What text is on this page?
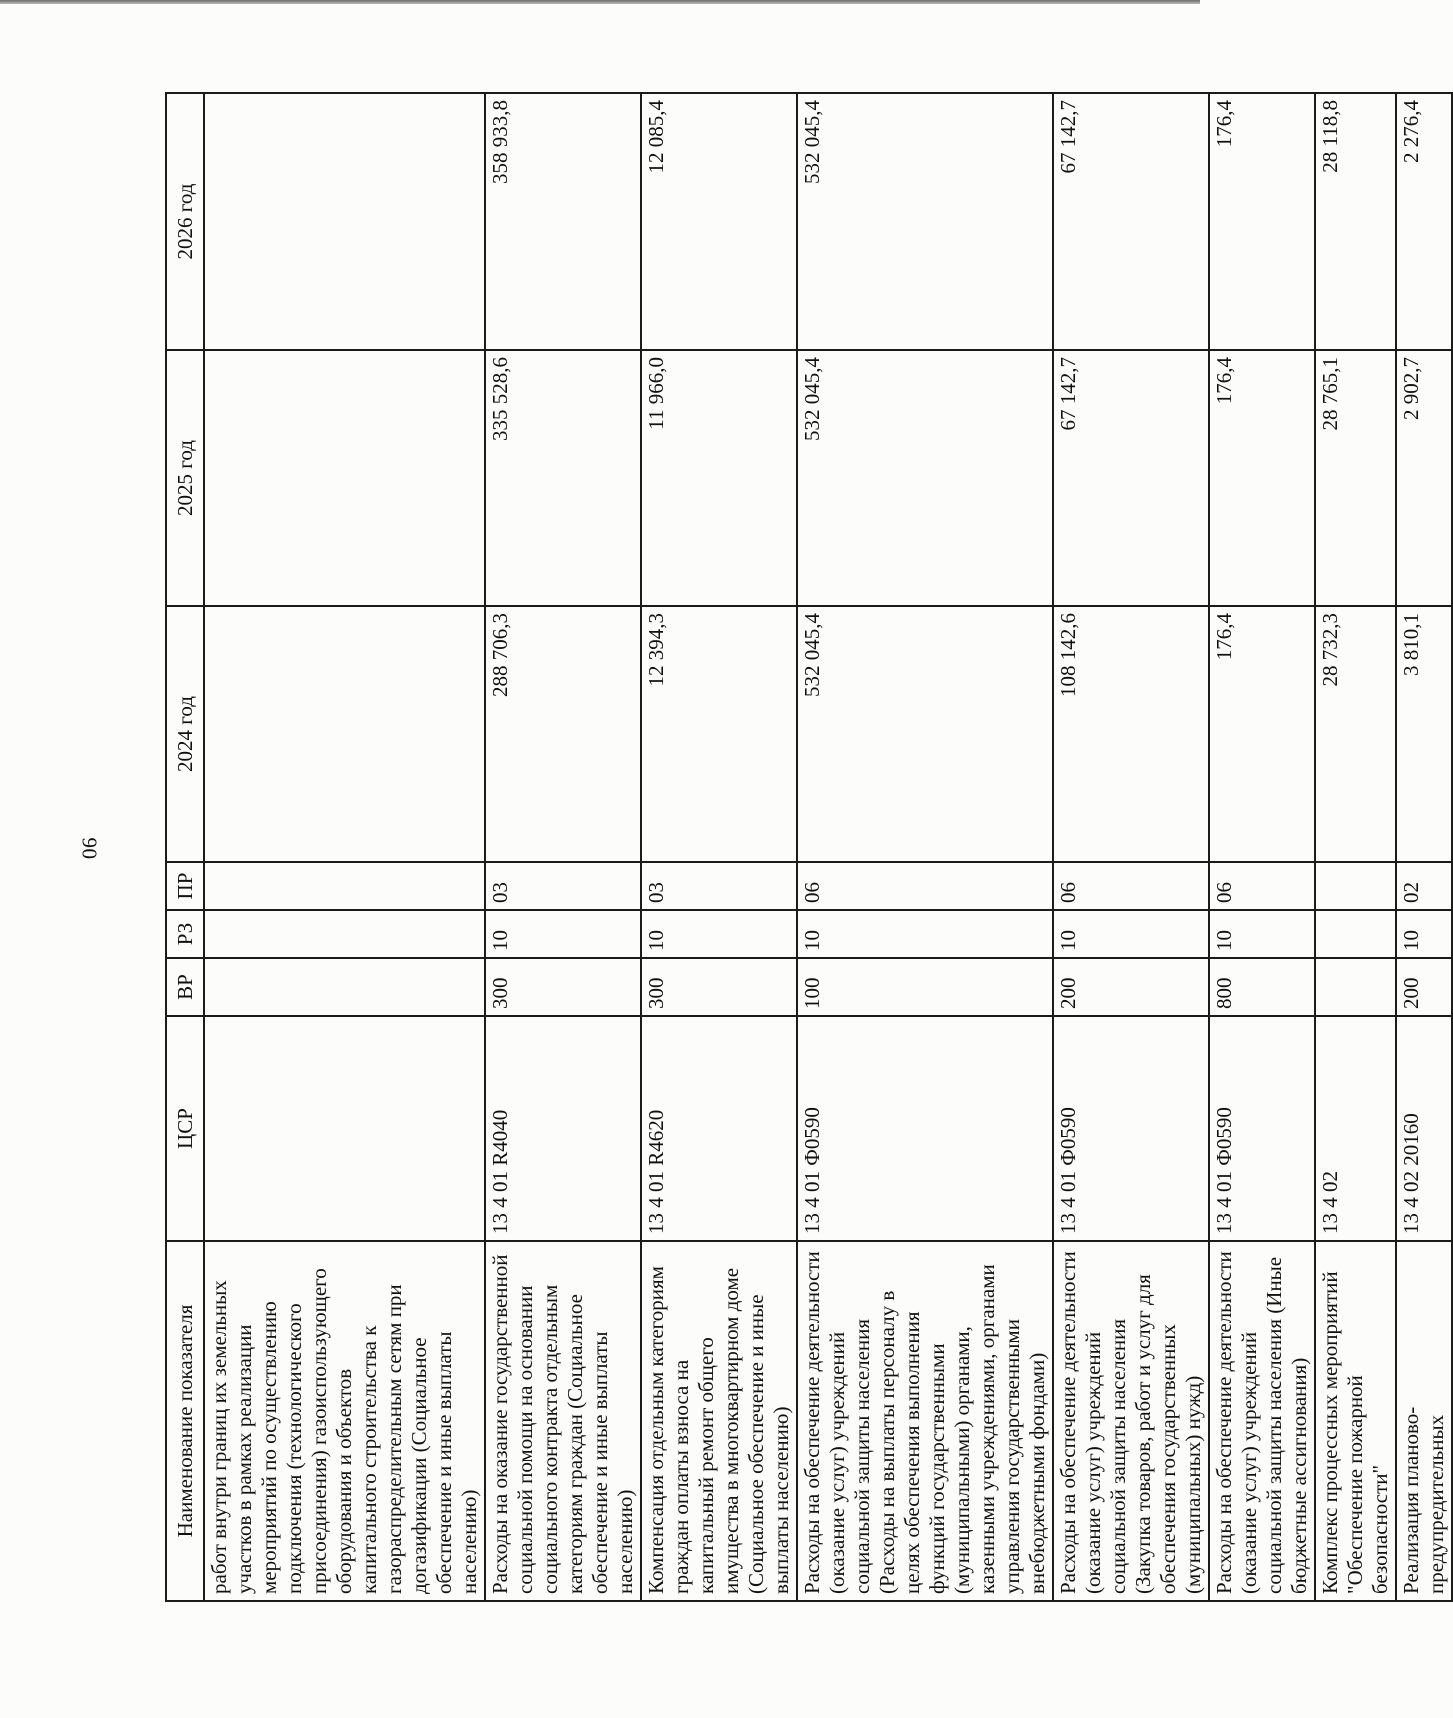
90
Наименование показателя	ЦСР	ВР	РЗ	ПР	2024 год	2025 год	2026 год
работ внутри границ их земельных участков в рамках реализации мероприятий по осуществлению подключения (технологического присоединения) газоиспользующего оборудования и объектов капитального строительства к газораспределительным сетям при догазификации (Социальное обеспечение и иные выплаты населению)							
Расходы на оказание государственной социальной помощи на основании социального контракта отдельным категориям граждан (Социальное обеспечение и иные выплаты населению)	13 4 01 R4040	300	10	03	288 706,3	335 528,6	358 933,8
Компенсация отдельным категориям граждан оплаты взноса на капитальный ремонт общего имущества в многоквартирном доме (Социальное обеспечение и иные выплаты населению)	13 4 01 R4620	300	10	03	12 394,3	11 966,0	12 085,4
Расходы на обеспечение деятельности (оказание услуг) учреждений социальной защиты населения (Расходы на выплаты персоналу в целях обеспечения выполнения функций государственными (муниципальными) органами, казенными учреждениями, органами управления государственными внебюджетными фондами)	13 4 01 Ф0590	100	10	06	532 045,4	532 045,4	532 045,4
Расходы на обеспечение деятельности (оказание услуг) учреждений социальной защиты населения (Закупка товаров, работ и услуг для обеспечения государственных (муниципальных) нужд)	13 4 01 Ф0590	200	10	06	108 142,6	67 142,7	67 142,7
Расходы на обеспечение деятельности (оказание услуг) учреждений социальной защиты населения (Иные бюджетные ассигнования)	13 4 01 Ф0590	800	10	06	176,4	176,4	176,4
Комплекс процессных мероприятий "Обеспечение пожарной безопасности"	13 4 02				28 732,3	28 765,1	28 118,8
Реализация планово-предупредительных	13 4 02 20160	200	10	02	3 810,1	2 902,7	2 276,4
